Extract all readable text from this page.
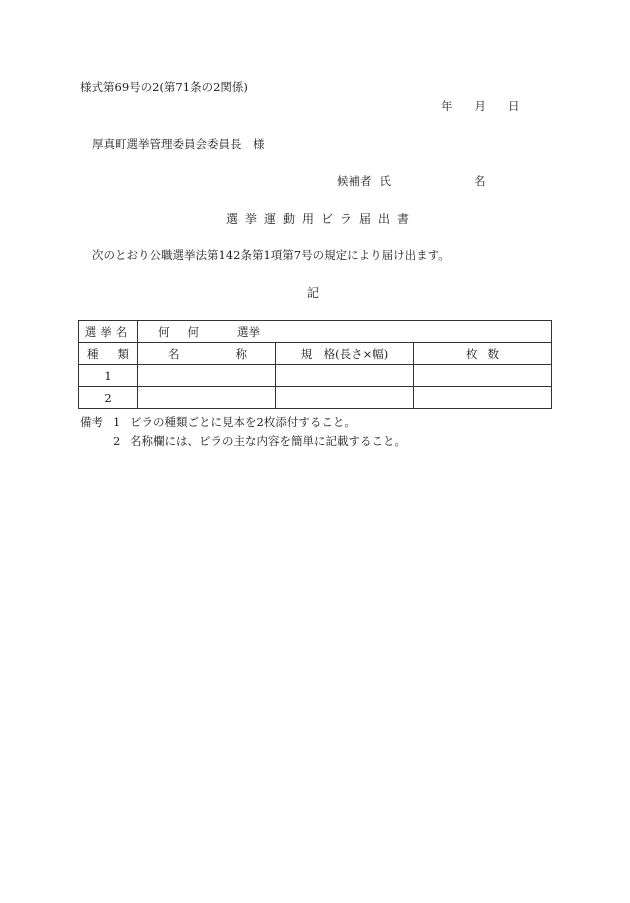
様式第69号の2(第71条の2関係)
年 月 日
厚真町選挙管理委員会委員長　様
候補者 氏	名
選挙運動用ビラ届出書
次のとおり公職選挙法第142条第1項第7号の規定により届け出ます。
記
選挙名	何 何 選挙		

種 類	名 称	規　格(長さ×幅)	枚数

1			
2			
備考 1 ビラの種類ごとに見本を2枚添付すること。
2 名称欄には、ビラの主な内容を簡単に記載すること。
